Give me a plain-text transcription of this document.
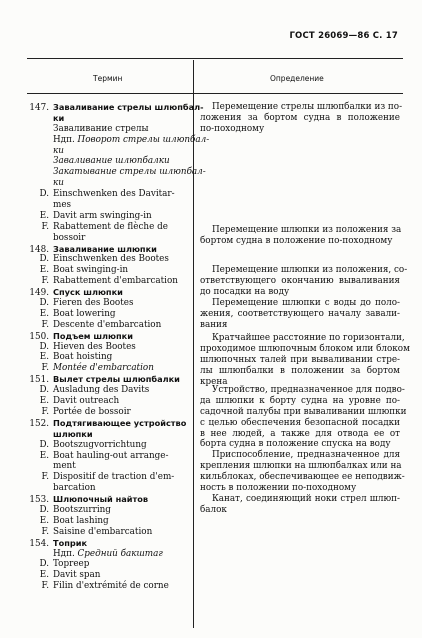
ГОСТ 26069—86 С. 17
Термин	Определение
147. Заваливание стрелы шлюпбал-
ки
Заваливание стрелы
Ндп. Поворот стрелы шлюпбал-
ки
Заваливание шлюпбалки
Закатывание стрелы шлюпбал-
ки
D. Einschwenken des Davitar-
mes
E. Davit arm swinging-in
F. Rabattement de flèche de
bossoir
148. Заваливание шлюпки
D. Einschwenken des Bootes
E. Boat swinging-in
F. Rabattement d'embarcation
149. Спуск шлюпки
D. Fieren des Bootes
E. Boat lowering
F. Descente d'embarcation
150. Подъем шлюпки
D. Hieven des Bootes
E. Boat hoisting
F. Montée d'embarcation
151. Вылет стрелы шлюпбалки
D. Ausladung des Davits
E. Davit outreach
F. Portée de bossoir
152. Подтягивающее устройство
шлюпки
D. Bootszugvorrichtung
E. Boat hauling-out arrange-
ment
F. Dispositif de traction d'em-
barcation
153. Шлюпочный найтов
D. Bootszurring
E. Boat lashing
F. Saisine d'embarcation
154. Топрик
Ндп. Средний бакштаг
D. Topreep
E. Davit span
F. Filin d'extrémité de corne
Перемещение стрелы шлюпбалки из по-
ложения за бортом судна в положение
по-походному
Перемещение шлюпки из положения за
бортом судна в положение по-походному
Перемещение шлюпки из положения, со-
ответствующего окончанию вываливания
до посадки на воду
Перемещение шлюпки с воды до поло-
жения, соответствующего началу завали-
вания
Кратчайшее расстояние по горизонтали,
проходимое шлюпочным блоком или блоком
шлюпочных талей при вываливании стре-
лы шлюпбалки в положении за бортом
крена
Устройство, предназначенное для подво-
да шлюпки к борту судна на уровне по-
садочной палубы при вываливании шлюпки
с целью обеспечения безопасной посадки
в нее людей, а также для отвода ее от
борта судна в положение спуска на воду
Приспособление, предназначенное для
крепления шлюпки на шлюпбалках или на
кильблоках, обеспечивающее ее неподвиж-
ность в положении по-походному
Канат, соединяющий ноки стрел шлюп-
балок
